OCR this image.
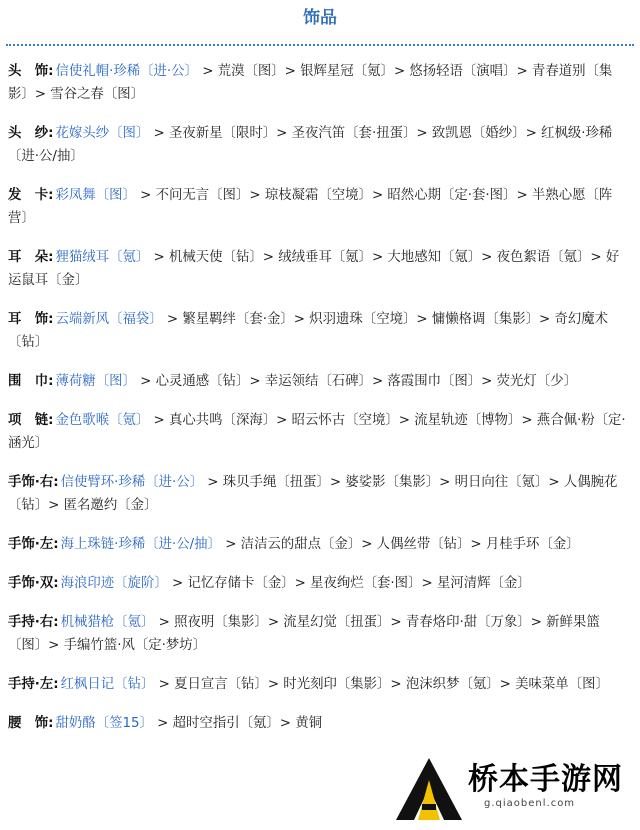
饰品
头　饰: 信使礼帽·珍稀〔进·公〕 > 荒漠〔图〕> 银辉星冠〔氪〕> 悠扬轻语〔演唱〕> 青春道别〔集影〕> 雪谷之春〔图〕
头　纱: 花嫁头纱〔图〕 > 圣夜新星〔限时〕> 圣夜汽笛〔套·扭蛋〕> 致凯恩〔婚纱〕> 红枫级·珍稀〔进·公/抽〕
发　卡: 彩凤舞〔图〕 > 不问无言〔图〕> 琼枝凝霜〔空境〕> 昭然心期〔定·套·图〕> 半熟心愿〔阵营〕
耳　朵: 狸猫绒耳〔氪〕 > 机械天使〔钻〕> 绒绒垂耳〔氪〕> 大地感知〔氪〕> 夜色絮语〔氪〕> 好运鼠耳〔金〕
耳　饰: 云端新风〔福袋〕 > 繁星羁绊〔套·金〕> 炽羽遗珠〔空境〕> 慵懒格调〔集影〕> 奇幻魔术〔钻〕
围　巾: 薄荷糖〔图〕 > 心灵通感〔钻〕> 幸运领结〔石碑〕> 落霞围巾〔图〕> 荧光灯〔少〕
项　链: 金色歌喉〔氪〕 > 真心共鸣〔深海〕> 昭云怀古〔空境〕> 流星轨迹〔博物〕> 燕合佩·粉〔定·涵光〕
手饰·右: 信使臂环·珍稀〔进·公〕 > 珠贝手绳〔扭蛋〕> 婆娑影〔集影〕> 明日向往〔氪〕> 人偶腕花〔钻〕> 匿名邀约〔金〕
手饰·左: 海上珠链·珍稀〔进·公/抽〕 > 洁洁云的甜点〔金〕> 人偶丝带〔钻〕> 月桂手环〔金〕
手饰·双: 海浪印迹〔旋阶〕 > 记忆存储卡〔金〕> 星夜绚烂〔套·图〕> 星河清辉〔金〕
手持·右: 机械猎枪〔氪〕 > 照夜明〔集影〕> 流星幻觉〔扭蛋〕> 青春烙印·甜〔万象〕> 新鲜果篮〔图〕> 手编竹篮·风〔定·梦坊〕
手持·左: 红枫日记〔钻〕 > 夏日宣言〔钻〕> 时光刻印〔集影〕> 泡沫织梦〔氪〕> 美味菜单〔图〕
腰　饰: 甜奶酪〔签15〕 > 超时空指引〔氪〕> 黄铜
桥本手游网
g.qiaobenl.com
